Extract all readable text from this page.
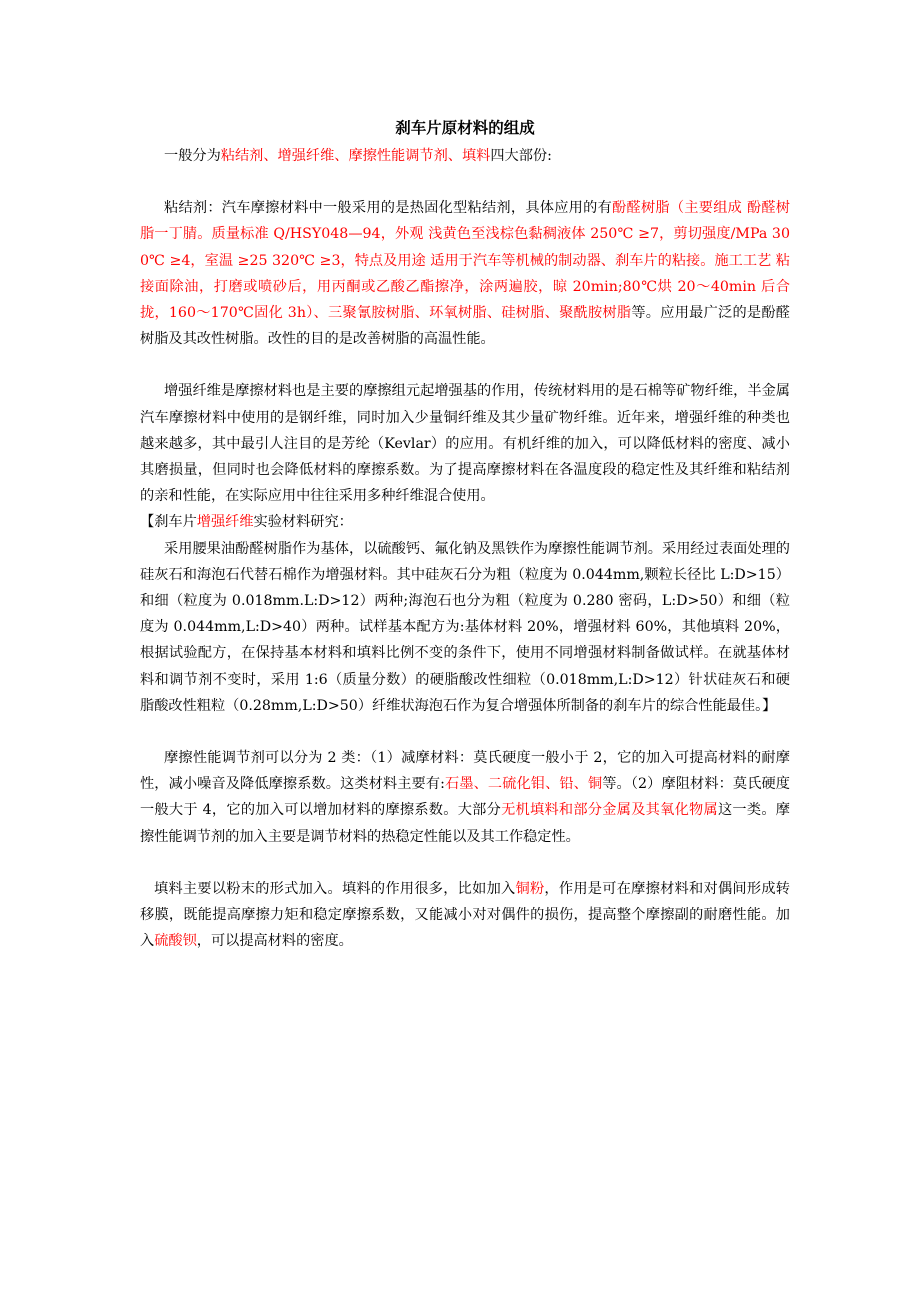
刹车片原材料的组成

一般分为粘结剂、增强纤维、摩擦性能调节剂、填料四大部份:

粘结剂：汽车摩擦材料中一般采用的是热固化型粘结剂，具体应用的有酚醛树脂（主要组成 酚醛树脂一丁腈。质量标准 Q/HSY048—94，外观 浅黄色至浅棕色黏稠液体 250℃ ≥7，剪切强度/MPa 300℃ ≥4，室温 ≥25 320℃ ≥3，特点及用途 适用于汽车等机械的制动器、刹车片的粘接。施工工艺 粘接面除油，打磨或喷砂后，用丙酮或乙酸乙酯擦净，涂两遍胶，晾 20min;80℃烘 20～40min 后合拢，160～170℃固化 3h）、三聚氰胺树脂、环氧树脂、硅树脂、聚酰胺树脂等。应用最广泛的是酚醛树脂及其改性树脂。改性的目的是改善树脂的高温性能。

增强纤维是摩擦材料也是主要的摩擦组元起增强基的作用，传统材料用的是石棉等矿物纤维，半金属汽车摩擦材料中使用的是钢纤维，同时加入少量铜纤维及其少量矿物纤维。近年来，增强纤维的种类也越来越多，其中最引人注目的是芳纶（Kevlar）的应用。有机纤维的加入，可以降低材料的密度、减小其磨损量，但同时也会降低材料的摩擦系数。为了提高摩擦材料在各温度段的稳定性及其纤维和粘结剂的亲和性能，在实际应用中往往采用多种纤维混合使用。

【刹车片增强纤维实验材料研究：

采用腰果油酚醛树脂作为基体，以硫酸钙、氟化钠及黑铁作为摩擦性能调节剂。采用经过表面处理的硅灰石和海泡石代替石棉作为增强材料。其中硅灰石分为粗（粒度为 0.044mm,颗粒长径比 L:D>15）和细（粒度为 0.018mm.L:D>12）两种;海泡石也分为粗（粒度为 0.280 密码，L:D>50）和细（粒度为 0.044mm,L:D>40）两种。试样基本配方为:基体材料 20%，增强材料 60%，其他填料 20%，根据试验配方，在保持基本材料和填料比例不变的条件下，使用不同增强材料制备做试样。在就基体材料和调节剂不变时，采用 1:6（质量分数）的硬脂酸改性细粒（0.018mm,L:D>12）针状硅灰石和硬脂酸改性粗粒（0.28mm,L:D>50）纤维状海泡石作为复合增强体所制备的刹车片的综合性能最佳。】

摩擦性能调节剂可以分为 2 类：（1）减摩材料：莫氏硬度一般小于 2，它的加入可提高材料的耐摩性，减小噪音及降低摩擦系数。这类材料主要有:石墨、二硫化钼、铅、铜等。（2）摩阻材料：莫氏硬度一般大于 4，它的加入可以增加材料的摩擦系数。大部分无机填料和部分金属及其氧化物属这一类。摩擦性能调节剂的加入主要是调节材料的热稳定性能以及其工作稳定性。

填料主要以粉末的形式加入。填料的作用很多，比如加入铜粉，作用是可在摩擦材料和对偶间形成转移膜，既能提高摩擦力矩和稳定摩擦系数，又能减小对对偶件的损伤，提高整个摩擦副的耐磨性能。加入硫酸钡，可以提高材料的密度。
